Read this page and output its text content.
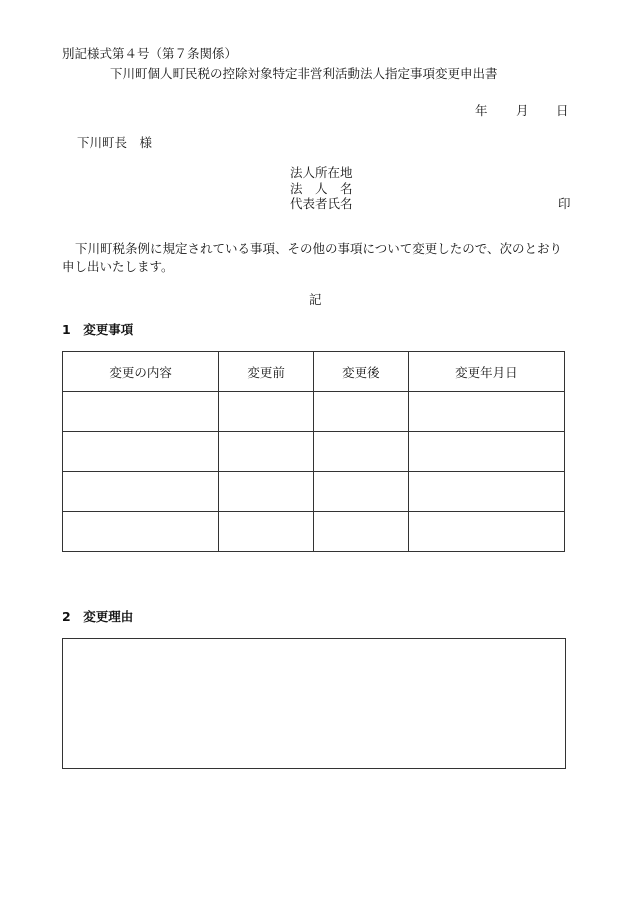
別記様式第４号（第７条関係）
下川町個人町民税の控除対象特定非営利活動法人指定事項変更申出書
年 月 日
下川町長　様
法人所在地
法　人　名
代表者氏名	印
下川町税条例に規定されている事項、その他の事項について変更したので、次のとおり申し出いたします。
記
1　変更事項
変更の内容	変更前	変更後	変更年月日

2　変更理由
